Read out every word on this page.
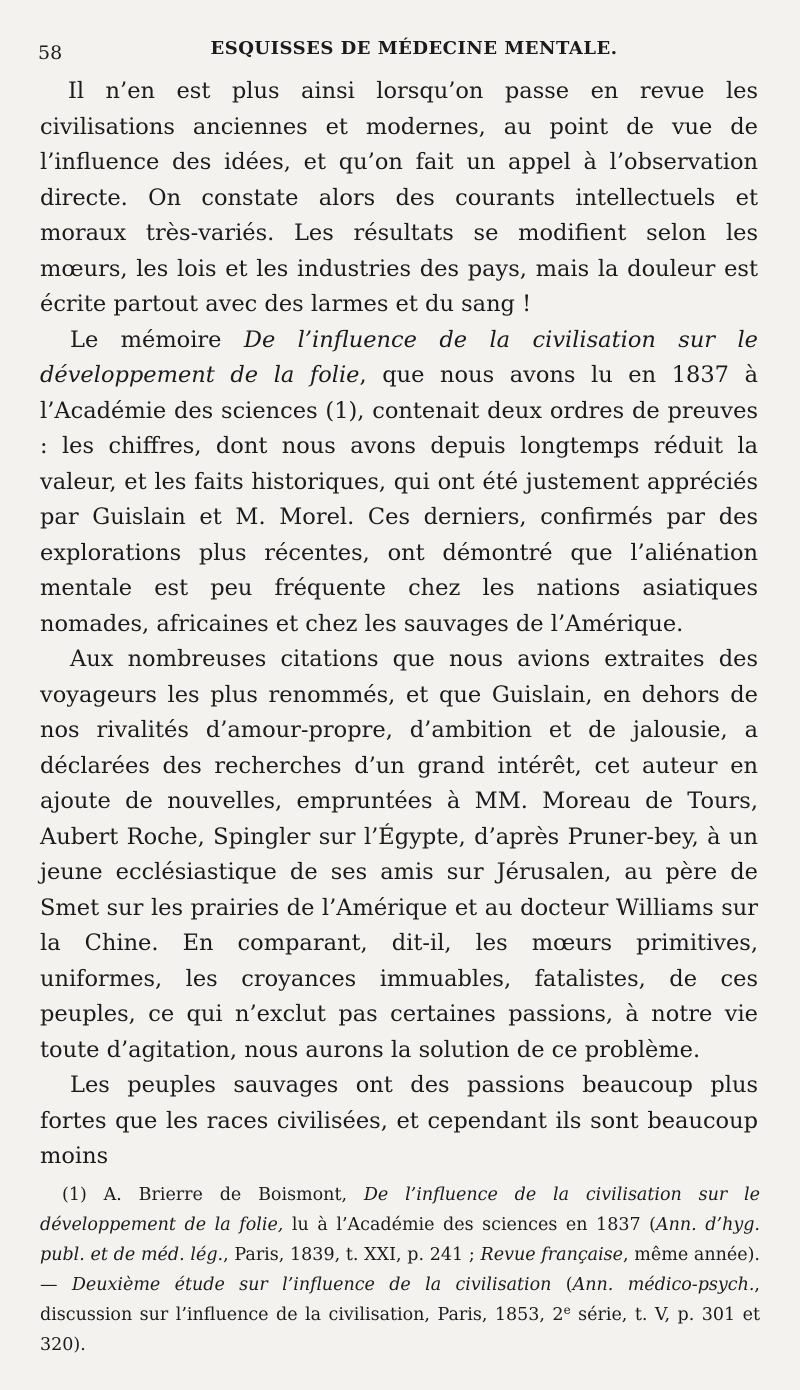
58	ESQUISSES DE MÉDECINE MENTALE.

Il n’en est plus ainsi lorsqu’on passe en revue les civilisations anciennes et modernes, au point de vue de l’influence des idées, et qu’on fait un appel à l’observation directe. On constate alors des courants intellectuels et moraux très-variés. Les résultats se modifient selon les mœurs, les lois et les industries des pays, mais la douleur est écrite partout avec des larmes et du sang !

Le mémoire De l’influence de la civilisation sur le développement de la folie, que nous avons lu en 1837 à l’Académie des sciences (1), contenait deux ordres de preuves : les chiffres, dont nous avons depuis longtemps réduit la valeur, et les faits historiques, qui ont été justement appréciés par Guislain et M. Morel. Ces derniers, confirmés par des explorations plus récentes, ont démontré que l’aliénation mentale est peu fréquente chez les nations asiatiques nomades, africaines et chez les sauvages de l’Amérique.

Aux nombreuses citations que nous avions extraites des voyageurs les plus renommés, et que Guislain, en dehors de nos rivalités d’amour-propre, d’ambition et de jalousie, a déclarées des recherches d’un grand intérêt, cet auteur en ajoute de nouvelles, empruntées à MM. Moreau de Tours, Aubert Roche, Spingler sur l’Égypte, d’après Pruner-bey, à un jeune ecclésiastique de ses amis sur Jérusalen, au père de Smet sur les prairies de l’Amérique et au docteur Williams sur la Chine. En comparant, dit-il, les mœurs primitives, uniformes, les croyances immuables, fatalistes, de ces peuples, ce qui n’exclut pas certaines passions, à notre vie toute d’agitation, nous aurons la solution de ce problème.

Les peuples sauvages ont des passions beaucoup plus fortes que les races civilisées, et cependant ils sont beaucoup moins

(1) A. Brierre de Boismont, De l’influence de la civilisation sur le développement de la folie, lu à l’Académie des sciences en 1837 (Ann. d’hyg. publ. et de méd. lég., Paris, 1839, t. XXI, p. 241 ; Revue française, même année). — Deuxième étude sur l’influence de la civilisation (Ann. médico-psych., discussion sur l’influence de la civilisation, Paris, 1853, 2e série, t. V, p. 301 et 320).
